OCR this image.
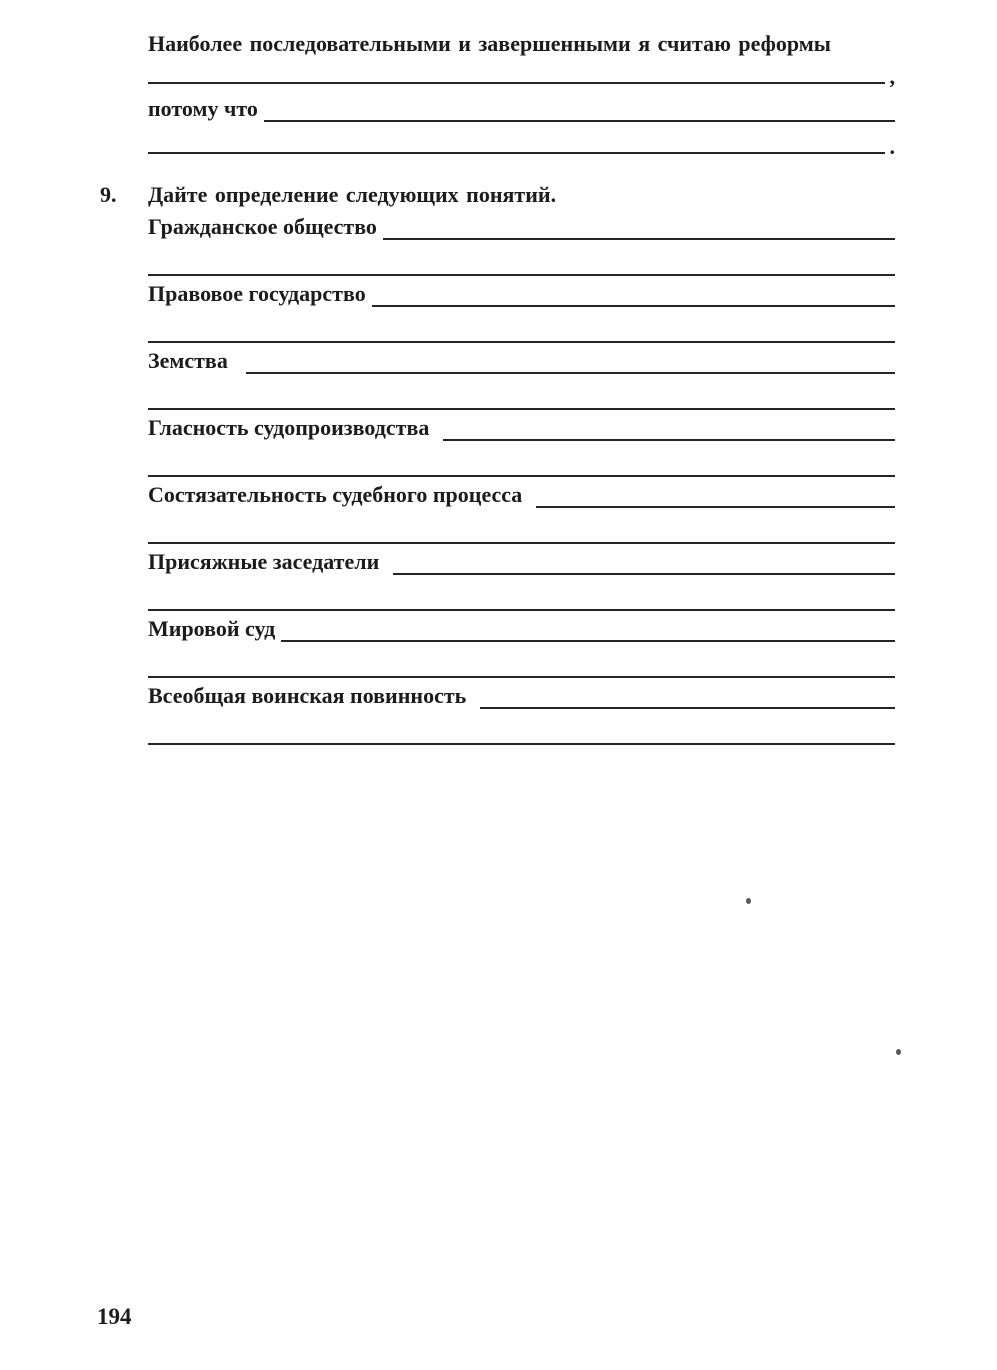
Наиболее последовательными и завершенными я считаю реформы
,
потому что
.
9. Дайте определение следующих понятий.
Гражданское общество
Правовое государство
Земства
Гласность судопроизводства
Состязательность судебного процесса
Присяжные заседатели
Мировой суд
Всеобщая воинская повинность
194
